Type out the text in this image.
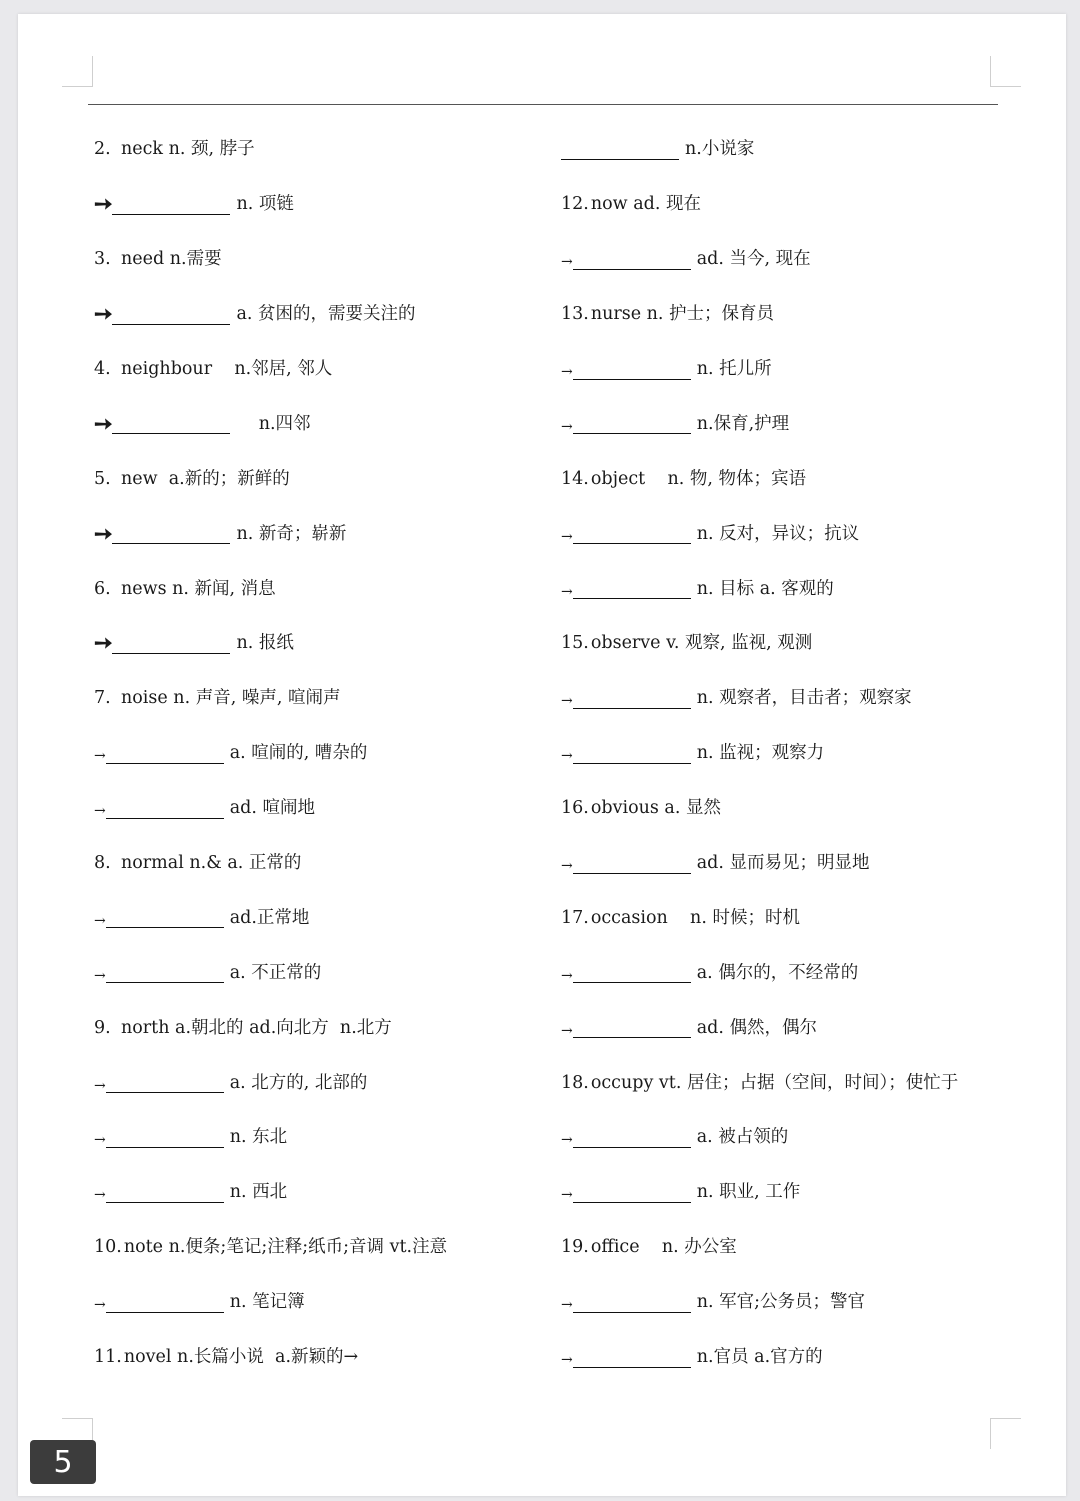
2. neck n. 颈, 脖子
➙	n. 项链
3. need n.需要
➙	a. 贫困的，需要关注的
4. neighbour    n.邻居, 邻人
➙	n.四邻
5. new  a.新的；新鲜的
➙	n. 新奇；崭新
6. news n. 新闻, 消息
➙	n. 报纸
7. noise n. 声音, 噪声, 喧闹声
→	a. 喧闹的, 嘈杂的
→	ad. 喧闹地
8. normal n.& a. 正常的
→	ad.正常地
→	a. 不正常的
9. north a.朝北的 ad.向北方  n.北方
→	a. 北方的, 北部的
→	n. 东北
→	n. 西北
10. note n.便条;笔记;注释;纸币;音调 vt.注意
→	n. 笔记簿
11. novel n.长篇小说  a.新颖的→
n.小说家
12. now ad. 现在
→	ad. 当今, 现在
13. nurse n. 护士；保育员
→	n. 托儿所
→	n.保育,护理
14. object    n. 物, 物体；宾语
→	n. 反对，异议；抗议
→	n. 目标 a. 客观的
15. observe v. 观察, 监视, 观测
→	n. 观察者，目击者；观察家
→	n. 监视；观察力
16. obvious a. 显然
→	ad. 显而易见；明显地
17. occasion    n. 时候；时机
→	a. 偶尔的，不经常的
→	ad. 偶然，偶尔
18. occupy vt. 居住；占据（空间，时间）；使忙于
→	a. 被占领的
→	n. 职业, 工作
19. office    n. 办公室
→	n. 军官;公务员；警官
→	n.官员 a.官方的
5
